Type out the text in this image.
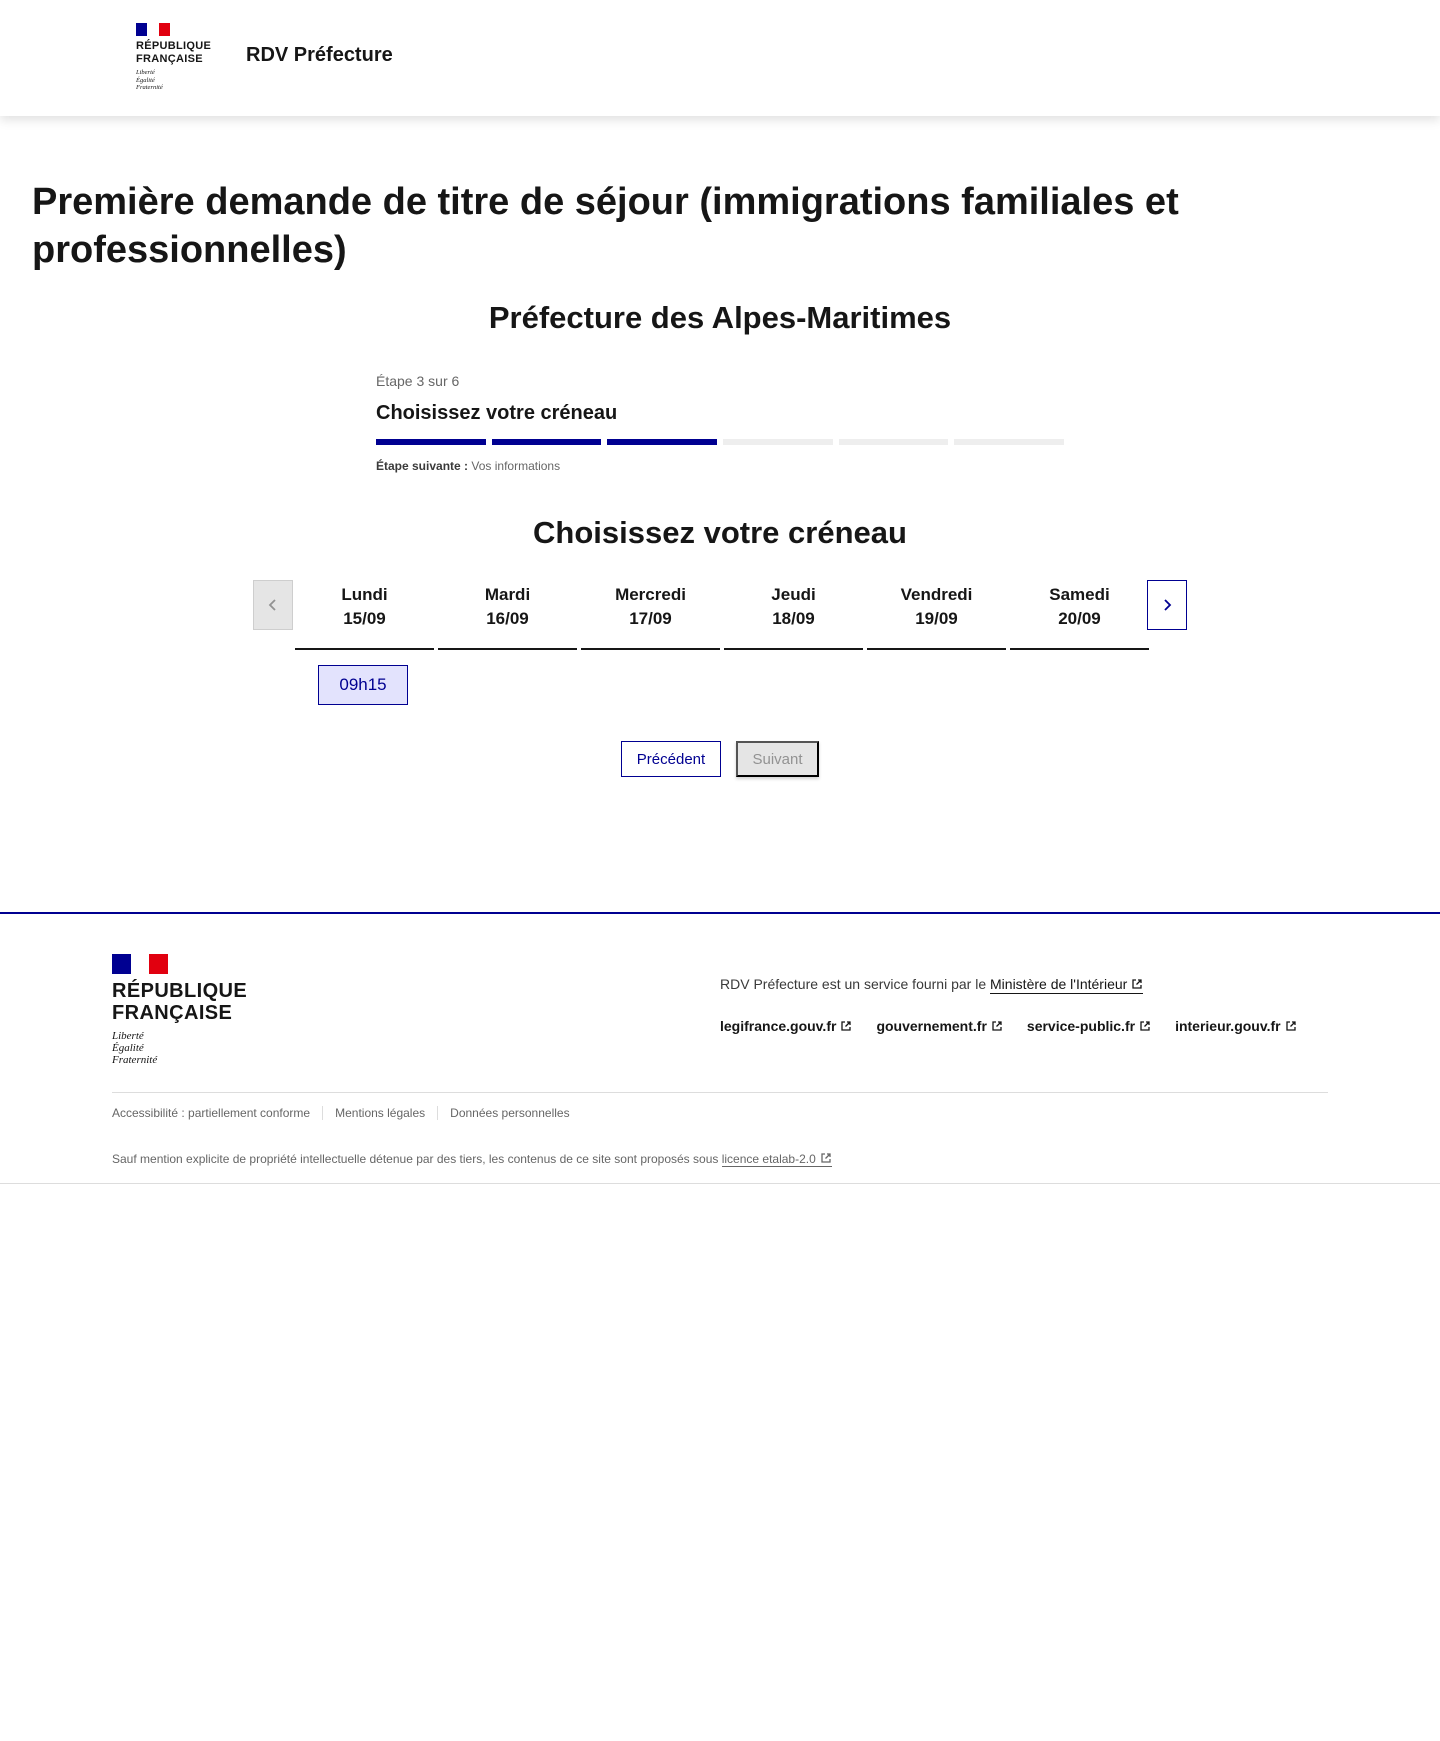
RÉPUBLIQUE
FRANÇAISE
Liberté
Égalité
Fraternité
RDV Préfecture
Première demande de titre de séjour (immigrations familiales et professionnelles)
Préfecture des Alpes-Maritimes
Étape 3 sur 6
Choisissez votre créneau
Étape suivante : Vos informations
Choisissez votre créneau
Lundi
15/09
Mardi
16/09
Mercredi
17/09
Jeudi
18/09
Vendredi
19/09
Samedi
20/09
09h15
Précédent	Suivant
RÉPUBLIQUE
FRANÇAISE
Liberté
Égalité
Fraternité
RDV Préfecture est un service fourni par le Ministère de l'Intérieur
legifrance.gouv.fr	gouvernement.fr	service-public.fr	interieur.gouv.fr
Accessibilité : partiellement conforme	Mentions légales	Données personnelles
Sauf mention explicite de propriété intellectuelle détenue par des tiers, les contenus de ce site sont proposés sous licence etalab-2.0
